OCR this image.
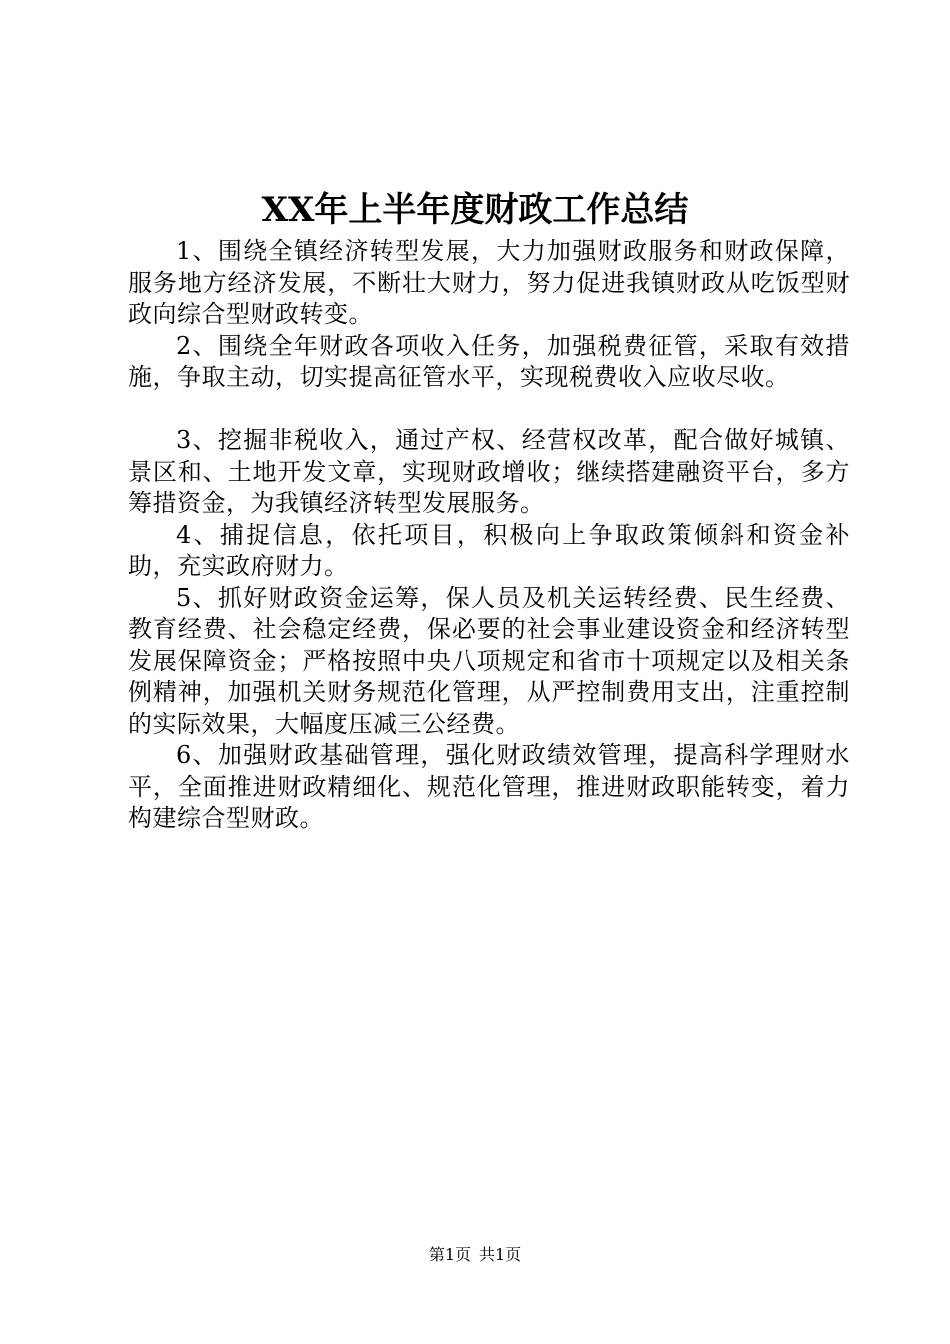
XX年上半年度财政工作总结

1、围绕全镇经济转型发展，大力加强财政服务和财政保障，服务地方经济发展，不断壮大财力，努力促进我镇财政从吃饭型财政向综合型财政转变。

2、围绕全年财政各项收入任务，加强税费征管，采取有效措施，争取主动，切实提高征管水平，实现税费收入应收尽收。

3、挖掘非税收入，通过产权、经营权改革，配合做好城镇、景区和、土地开发文章，实现财政增收；继续搭建融资平台，多方筹措资金，为我镇经济转型发展服务。

4、捕捉信息，依托项目，积极向上争取政策倾斜和资金补助，充实政府财力。

5、抓好财政资金运筹，保人员及机关运转经费、民生经费、教育经费、社会稳定经费，保必要的社会事业建设资金和经济转型发展保障资金；严格按照中央八项规定和省市十项规定以及相关条例精神，加强机关财务规范化管理，从严控制费用支出，注重控制的实际效果，大幅度压减三公经费。

6、加强财政基础管理，强化财政绩效管理，提高科学理财水平，全面推进财政精细化、规范化管理，推进财政职能转变，着力构建综合型财政。

第1页 共1页
